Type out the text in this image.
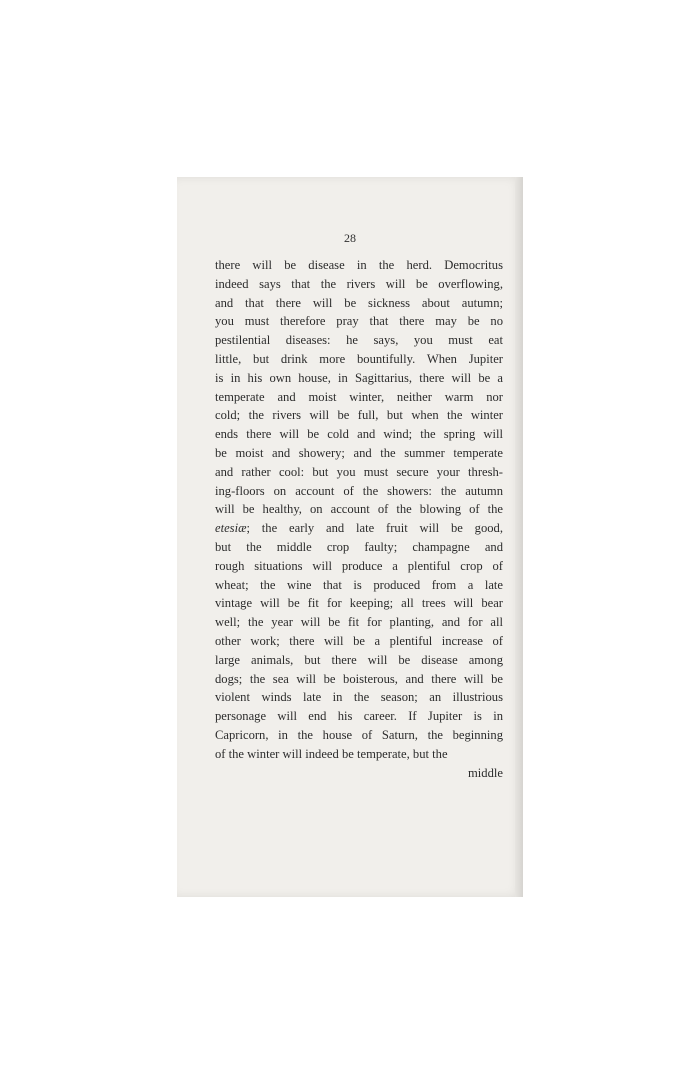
28
there will be disease in the herd. Democritus
indeed says that the rivers will be overflowing,
and that there will be sickness about autumn;
you must therefore pray that there may be no
pestilential diseases: he says, you must eat
little, but drink more bountifully. When Jupiter
is in his own house, in Sagittarius, there will be a
temperate and moist winter, neither warm nor
cold; the rivers will be full, but when the winter
ends there will be cold and wind; the spring will
be moist and showery; and the summer temperate
and rather cool: but you must secure your thresh-
ing-floors on account of the showers: the autumn
will be healthy, on account of the blowing of the
etesiæ; the early and late fruit will be good,
but the middle crop faulty; champagne and
rough situations will produce a plentiful crop of
wheat; the wine that is produced from a late
vintage will be fit for keeping; all trees will bear
well; the year will be fit for planting, and for all
other work; there will be a plentiful increase of
large animals, but there will be disease among
dogs; the sea will be boisterous, and there will be
violent winds late in the season; an illustrious
personage will end his career. If Jupiter is in
Capricorn, in the house of Saturn, the beginning
of the winter will indeed be temperate, but the
middle
